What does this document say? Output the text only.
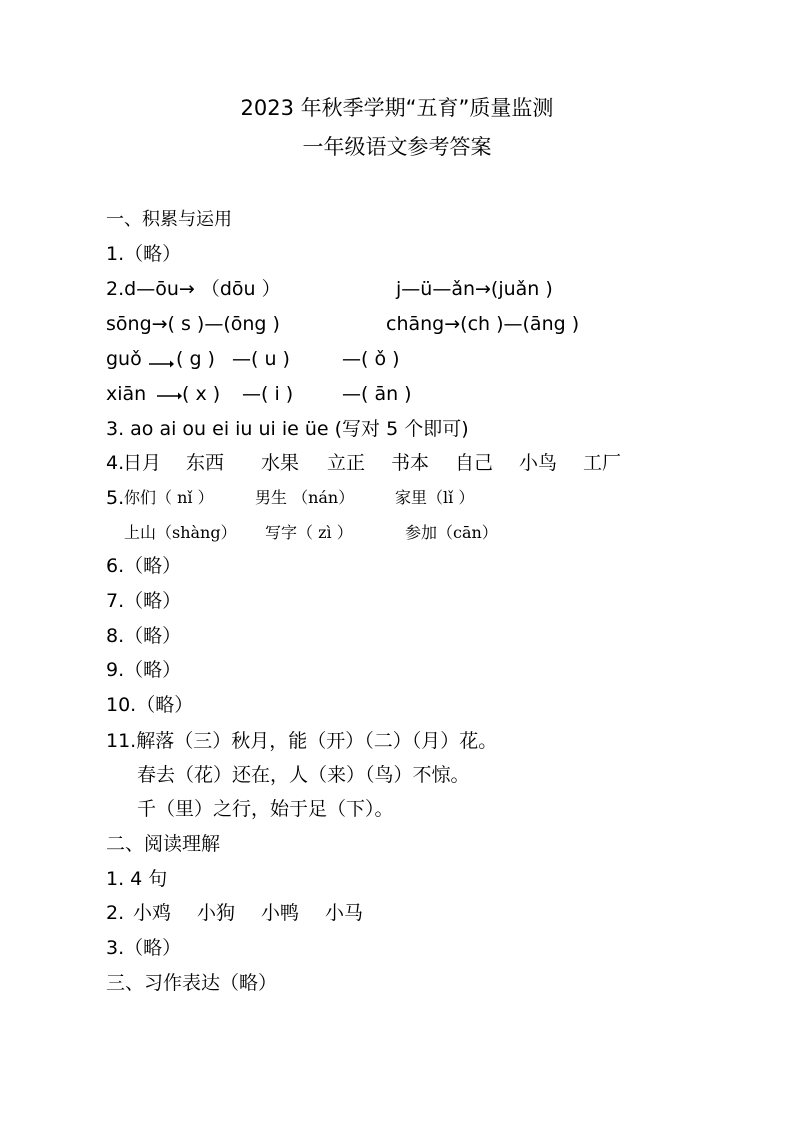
2023 年秋季学期“五育”质量监测
一年级语文参考答案
一、积累与运用
1.（略）
2.d—ōu→ （dōu ）	j—ü—ǎn→(juǎn )
sōng→( s )—(ōng )	chāng→(ch )—(āng )
guǒ ( g ) —( u )	—( ǒ )
xiān ( x ) —( i )	—( ān )
3. ao ai ou ei iu ui ie üe (写对 5 个即可)
4.
日月 东西 水果 立正 书本 自己 小鸟 工厂
5. 你们（ nǐ ）	男生 （nán）	家里（lǐ ）
上山（shàng） 写字（ zì ）	参加（cān）
6.（略）
7.（略）
8.（略）
9.（略）
10.（略）
11.解落（三）秋月，能（开）（二）（月）花。
春去（花）还在，人（来）（鸟）不惊。
千（里）之行，始于足（下）。
二、阅读理解
1. 4 句
2. 小鸡 小狗 小鸭 小马
3.（略）
三、习作表达（略）
